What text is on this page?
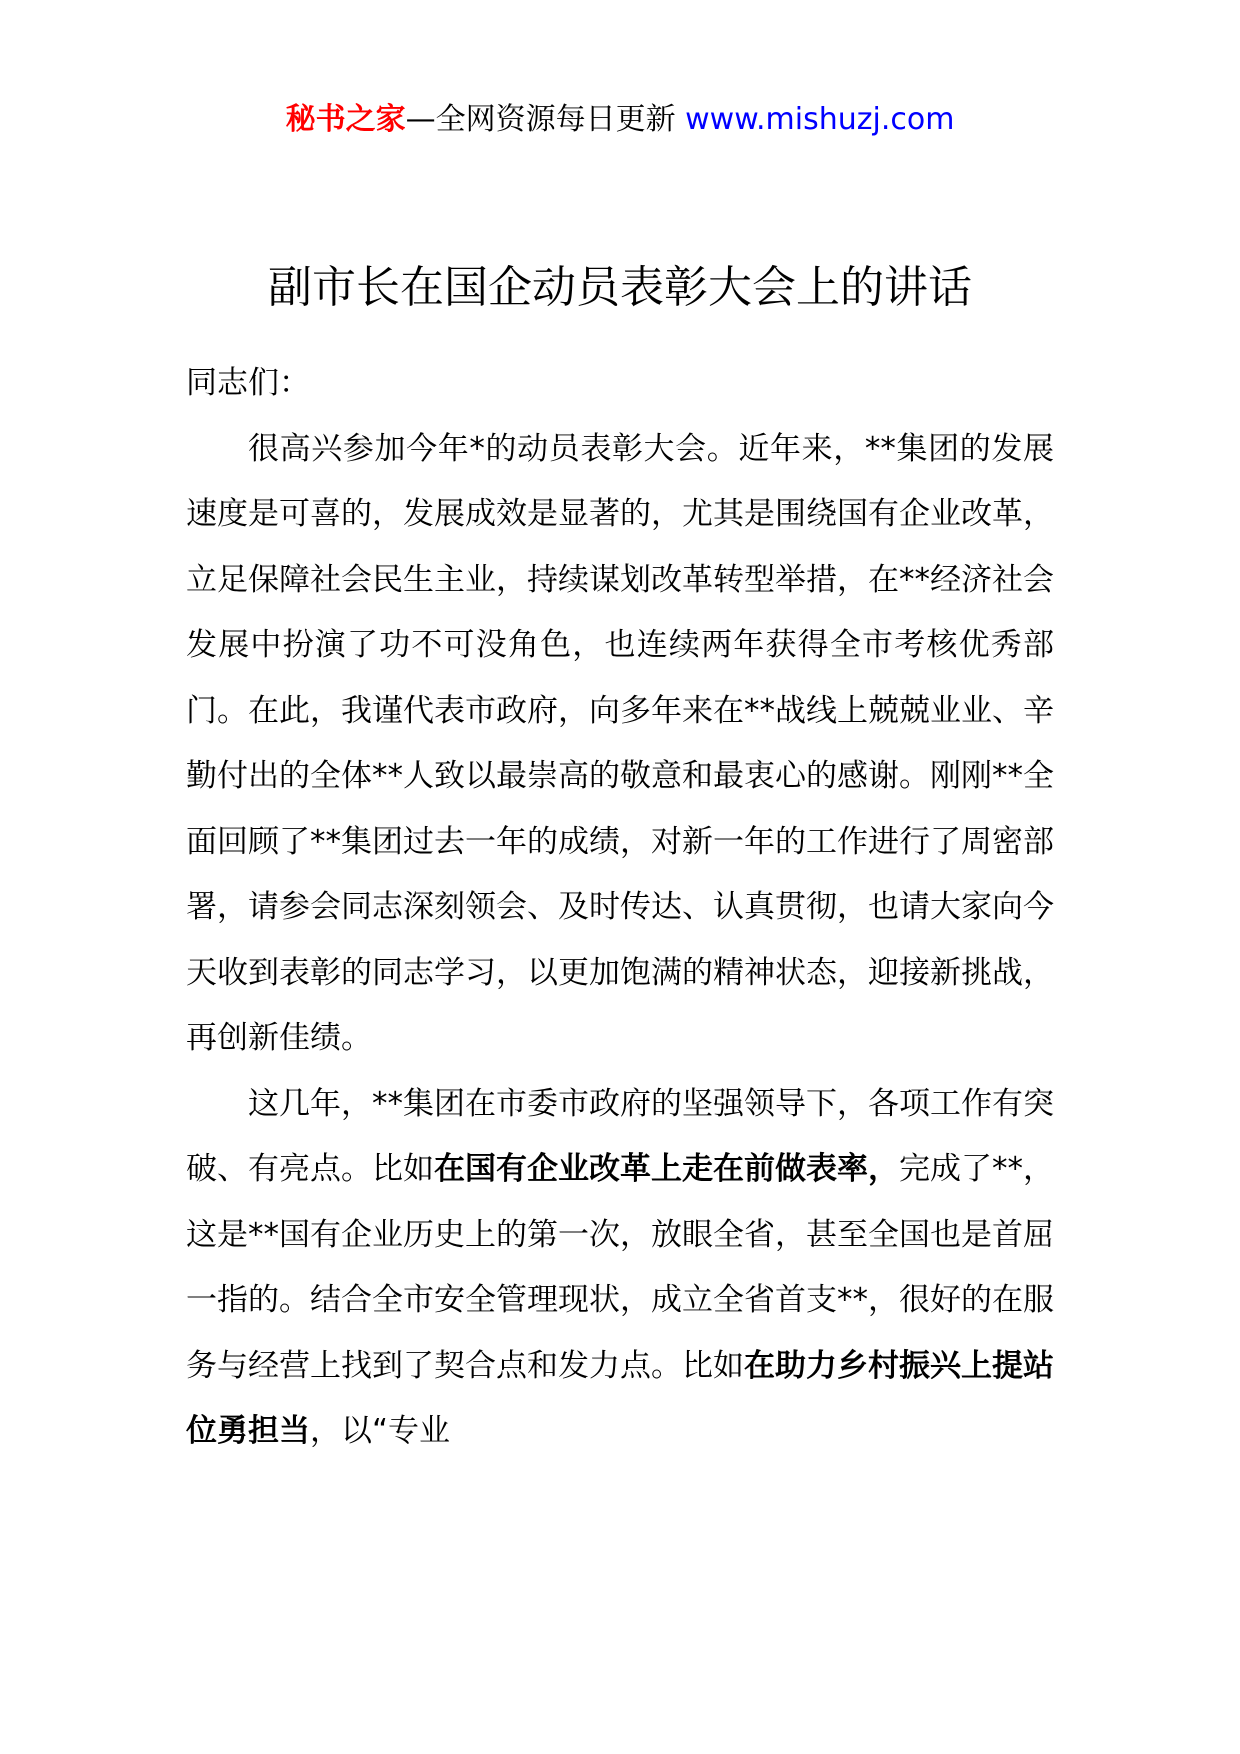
秘书之家—全网资源每日更新 www.mishuzj.com
副市长在国企动员表彰大会上的讲话

同志们：

很高兴参加今年*的动员表彰大会。近年来，**集团的发展速度是可喜的，发展成效是显著的，尤其是围绕国有企业改革，立足保障社会民生主业，持续谋划改革转型举措，在**经济社会发展中扮演了功不可没角色，也连续两年获得全市考核优秀部门。在此，我谨代表市政府，向多年来在**战线上兢兢业业、辛勤付出的全体**人致以最崇高的敬意和最衷心的感谢。刚刚**全面回顾了**集团过去一年的成绩，对新一年的工作进行了周密部署，请参会同志深刻领会、及时传达、认真贯彻，也请大家向今天收到表彰的同志学习，以更加饱满的精神状态，迎接新挑战，再创新佳绩。

这几年，**集团在市委市政府的坚强领导下，各项工作有突破、有亮点。比如在国有企业改革上走在前做表率，完成了**，这是**国有企业历史上的第一次，放眼全省，甚至全国也是首屈一指的。结合全市安全管理现状，成立全省首支**，很好的在服务与经营上找到了契合点和发力点。比如在助力乡村振兴上提站位勇担当，以“专业
